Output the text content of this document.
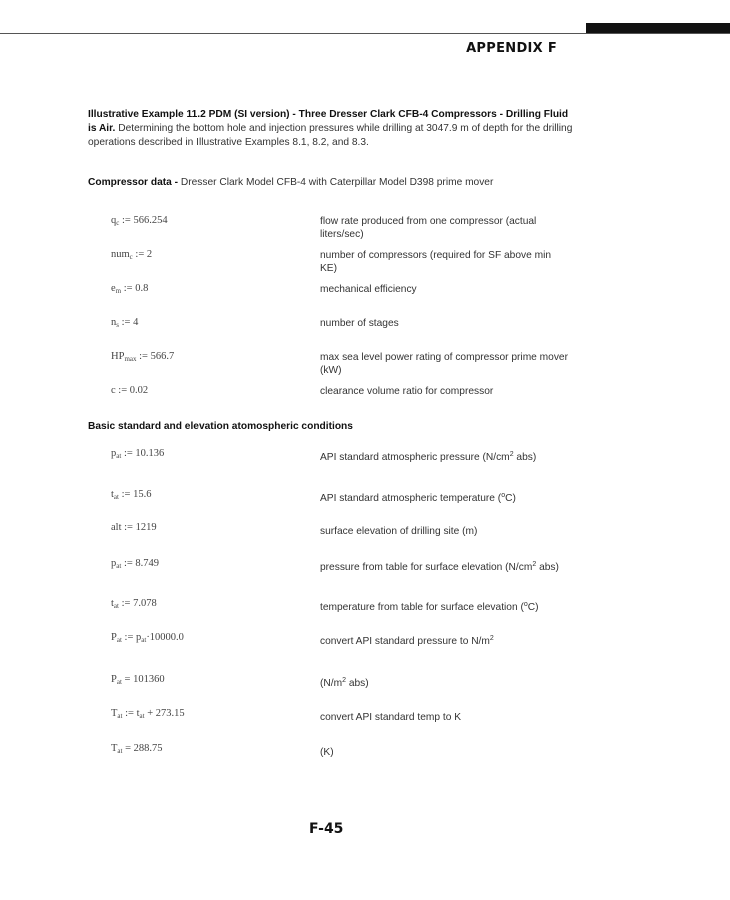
APPENDIX F
Illustrative Example 11.2 PDM (SI version) - Three Dresser Clark CFB-4 Compressors - Drilling Fluid is Air. Determining the bottom hole and injection pressures while drilling at 3047.9 m of depth for the drilling operations described in Illustrative Examples 8.1, 8.2, and 8.3.
Compressor data - Dresser Clark Model CFB-4 with Caterpillar Model D398 prime mover
$q_c$ := 566.254	flow rate produced from one compressor (actual liters/sec)
num$_c$ := 2	number of compressors (required for SF above min KE)
$e_m$ := 0.8	mechanical efficiency
$n_s$ := 4	number of stages
$HP_{max}$ := 566.7	max sea level power rating of compressor prime mover (kW)
c := 0.02	clearance volume ratio for compressor
Basic standard and elevation atomospheric conditions
$p_{at}$ := 10.136	API standard atmospheric pressure ($N/cm^2$ abs)
$t_{at}$ := 15.6	API standard atmospheric temperature ($^o$C)
alt := 1219	surface elevation of drilling site (m)
$p_{at}$ := 8.749	pressure from table for surface elevation ($N/cm^2$ abs)
$t_{at}$ := 7.078	temperature from table for surface elevation ($^o$C)
$P_{at}$ := $p_{at}\cdot 10000.0$	convert API standard pressure to $N/m^2$
$P_{at} = 101360$	($N/m^2$ abs)
$T_{at}$ := $t_{at} + 273.15$	convert API standard temp to K
$T_{at} = 288.75$	(K)
F-45
